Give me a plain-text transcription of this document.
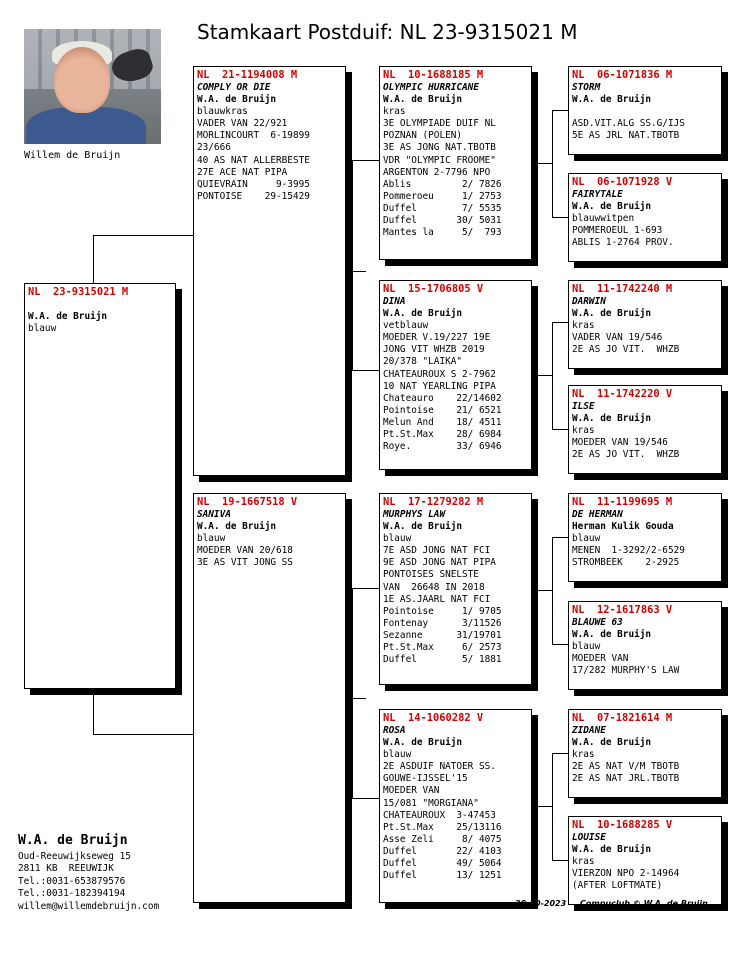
Stamkaart Postduif: NL 23-9315021 M
Willem de Bruijn
NL  23-9315021 M
W.A. de Bruijn
blauw
NL  21-1194008 M
COMPLY OR DIE
W.A. de Bruijn
blauwkras
VADER VAN 22/921
MORLINCOURT  6-19899
23/666
40 AS NAT ALLERBESTE
27E ACE NAT PIPA
QUIEVRAIN     9-3995
PONTOISE    29-15429
NL  19-1667518 V
SANIVA
W.A. de Bruijn
blauw
MOEDER VAN 20/618
3E AS VIT JONG SS
NL  10-1688185 M
OLYMPIC HURRICANE
W.A. de Bruijn
kras
3E OLYMPIADE DUIF NL
POZNAN (POLEN)
3E AS JONG NAT.TBOTB
VDR "OLYMPIC FROOME"
ARGENTON 2-7796 NPO
Ablis         2/ 7826
Pommeroeu     1/ 2753
Duffel        7/ 5535
Duffel       30/ 5031
Mantes la     5/  793
NL  15-1706805 V
DINA
W.A. de Bruijn
vetblauw
MOEDER V.19/227 19E
JONG VIT WHZB 2019
20/378 "LAIKA"
CHATEAUROUX S 2-7962
10 NAT YEARLING PIPA
Chateauro    22/14602
Pointoise    21/ 6521
Melun And    18/ 4511
Pt.St.Max    28/ 6984
Roye.        33/ 6946
NL  17-1279282 M
MURPHYS LAW
W.A. de Bruijn
blauw
7E ASD JONG NAT FCI
9E ASD JONG NAT PIPA
PONTOISES SNELSTE
VAN  26648 IN 2018
1E AS.JAARL NAT FCI
Pointoise     1/ 9705
Fontenay      3/11526
Sezanne      31/19701
Pt.St.Max     6/ 2573
Duffel        5/ 1881
NL  14-1060282 V
ROSA
W.A. de Bruijn
blauw
2E ASDUIF NATOER SS.
GOUWE-IJSSEL'15
MOEDER VAN
15/081 "MORGIANA"
CHATEAUROUX  3-47453
Pt.St.Max    25/13116
Asse Zeli     8/ 4075
Duffel       22/ 4103
Duffel       49/ 5064
Duffel       13/ 1251
NL  06-1071836 M
STORM
W.A. de Bruijn
ASD.VIT.ALG SS.G/IJS
5E AS JRL NAT.TBOTB
NL  06-1071928 V
FAIRYTALE
W.A. de Bruijn
blauwwitpen
POMMEROEUL 1-693
ABLIS 1-2764 PROV.
NL  11-1742240 M
DARWIN
W.A. de Bruijn
kras
VADER VAN 19/546
2E AS JO VIT.  WHZB
NL  11-1742220 V
ILSE
W.A. de Bruijn
kras
MOEDER VAN 19/546
2E AS JO VIT.  WHZB
NL  11-1199695 M
DE HERMAN
Herman Kulik Gouda
blauw
MENEN  1-3292/2-6529
STROMBEEK    2-2925
NL  12-1617863 V
BLAUWE 63
W.A. de Bruijn
blauw
MOEDER VAN
17/282 MURPHY'S LAW
NL  07-1821614 M
ZIDANE
W.A. de Bruijn
kras
2E AS NAT V/M TBOTB
2E AS NAT JRL.TBOTB
NL  10-1688285 V
LOUISE
W.A. de Bruijn
kras
VIERZON NPO 2-14964
(AFTER LOFTMATE)
W.A. de Bruijn
Oud-Reeuwijkseweg 15
2811 KB  REEUWIJK
Tel.:0031-653879576
Tel.:0031-182394194
willem@willemdebruijn.com	29-10-2023 Compuclub © W.A. de Bruijn
